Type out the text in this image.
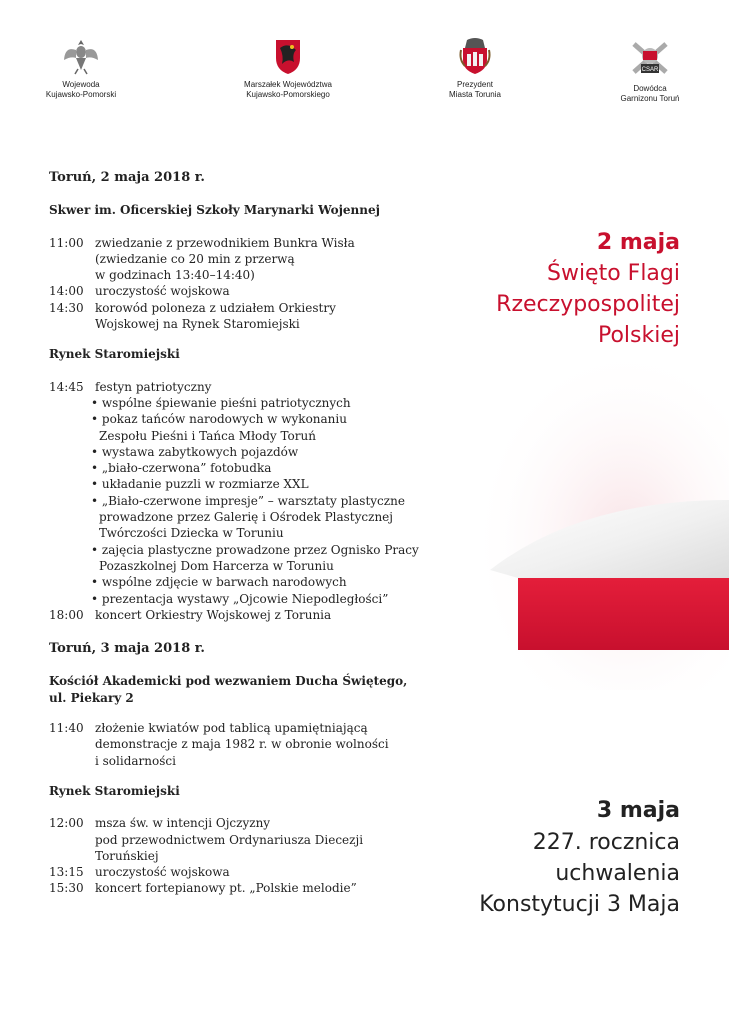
Wojewoda
Kujawsko-Pomorski
Marszałek Województwa
Kujawsko-Pomorskiego
Prezydent
Miasta Torunia
CSAR
Dowódca
Garnizonu Toruń
Toruń, 2 maja 2018 r.
Skwer im. Oficerskiej Szkoły Marynarki Wojennej
11:00 zwiedzanie z przewodnikiem Bunkra Wisła
(zwiedzanie co 20 min z przerwą
w godzinach 13:40–14:40)
14:00 uroczystość wojskowa
14:30 korowód poloneza z udziałem Orkiestry
Wojskowej na Rynek Staromiejski
Rynek Staromiejski
14:45 festyn patriotyczny
• wspólne śpiewanie pieśni patriotycznych
• pokaz tańców narodowych w wykonaniu
Zespołu Pieśni i Tańca Młody Toruń
• wystawa zabytkowych pojazdów
• „biało-czerwona” fotobudka
• układanie puzzli w rozmiarze XXL
• „Biało-czerwone impresje” – warsztaty plastyczne
prowadzone przez Galerię i Ośrodek Plastycznej
Twórczości Dziecka w Toruniu
• zajęcia plastyczne prowadzone przez Ognisko Pracy
Pozaszkolnej Dom Harcerza w Toruniu
• wspólne zdjęcie w barwach narodowych
• prezentacja wystawy „Ojcowie Niepodległości”
18:00 koncert Orkiestry Wojskowej z Torunia
Toruń, 3 maja 2018 r.
Kościół Akademicki pod wezwaniem Ducha Świętego,
ul. Piekary 2
11:40 złożenie kwiatów pod tablicą upamiętniającą
demonstracje z maja 1982 r. w obronie wolności
i solidarności
Rynek Staromiejski
12:00 msza św. w intencji Ojczyzny
pod przewodnictwem Ordynariusza Diecezji
Toruńskiej
13:15 uroczystość wojskowa
15:30 koncert fortepianowy pt. „Polskie melodie”
2 maja
Święto Flagi
Rzeczypospolitej
Polskiej
3 maja
227. rocznica
uchwalenia
Konstytucji 3 Maja
